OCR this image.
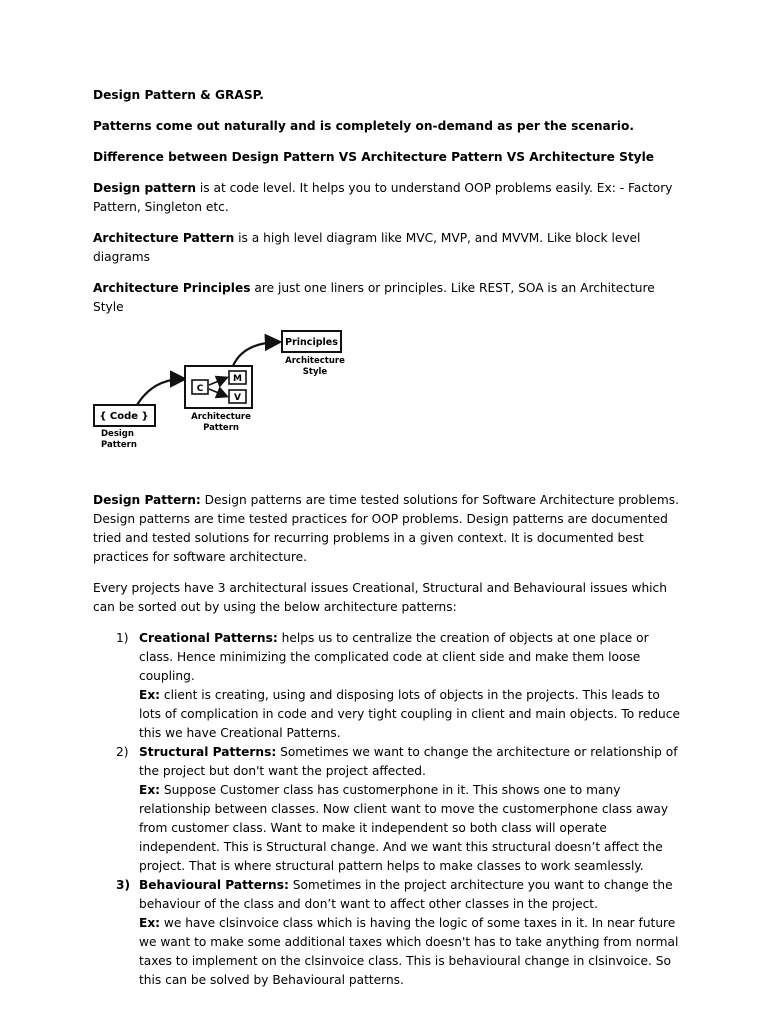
Design Pattern & GRASP.

Patterns come out naturally and is completely on-demand as per the scenario.

Difference between Design Pattern VS Architecture Pattern VS Architecture Style

Design pattern is at code level. It helps you to understand OOP problems easily. Ex: - Factory Pattern, Singleton etc.

Architecture Pattern is a high level diagram like MVC, MVP, and MVVM. Like block level diagrams

Architecture Principles are just one liners or principles. Like REST, SOA is an Architecture Style

{ Code }
Design
Pattern
C
M
V
Architecture
Pattern
Principles
Architecture
Style

Design Pattern: Design patterns are time tested solutions for Software Architecture problems. Design patterns are time tested practices for OOP problems. Design patterns are documented tried and tested solutions for recurring problems in a given context. It is documented best practices for software architecture.

Every projects have 3 architectural issues Creational, Structural and Behavioural issues which can be sorted out by using the below architecture patterns:

1) Creational Patterns: helps us to centralize the creation of objects at one place or class. Hence minimizing the complicated code at client side and make them loose coupling.
Ex: client is creating, using and disposing lots of objects in the projects. This leads to lots of complication in code and very tight coupling in client and main objects. To reduce this we have Creational Patterns.
2) Structural Patterns: Sometimes we want to change the architecture or relationship of the project but don't want the project affected.
Ex: Suppose Customer class has customerphone in it. This shows one to many relationship between classes. Now client want to move the customerphone class away from customer class. Want to make it independent so both class will operate independent. This is Structural change. And we want this structural doesn’t affect the project. That is where structural pattern helps to make classes to work seamlessly.
3) Behavioural Patterns: Sometimes in the project architecture you want to change the behaviour of the class and don’t want to affect other classes in the project.
Ex: we have clsinvoice class which is having the logic of some taxes in it. In near future we want to make some additional taxes which doesn't has to take anything from normal taxes to implement on the clsinvoice class. This is behavioural change in clsinvoice. So this can be solved by Behavioural patterns.
